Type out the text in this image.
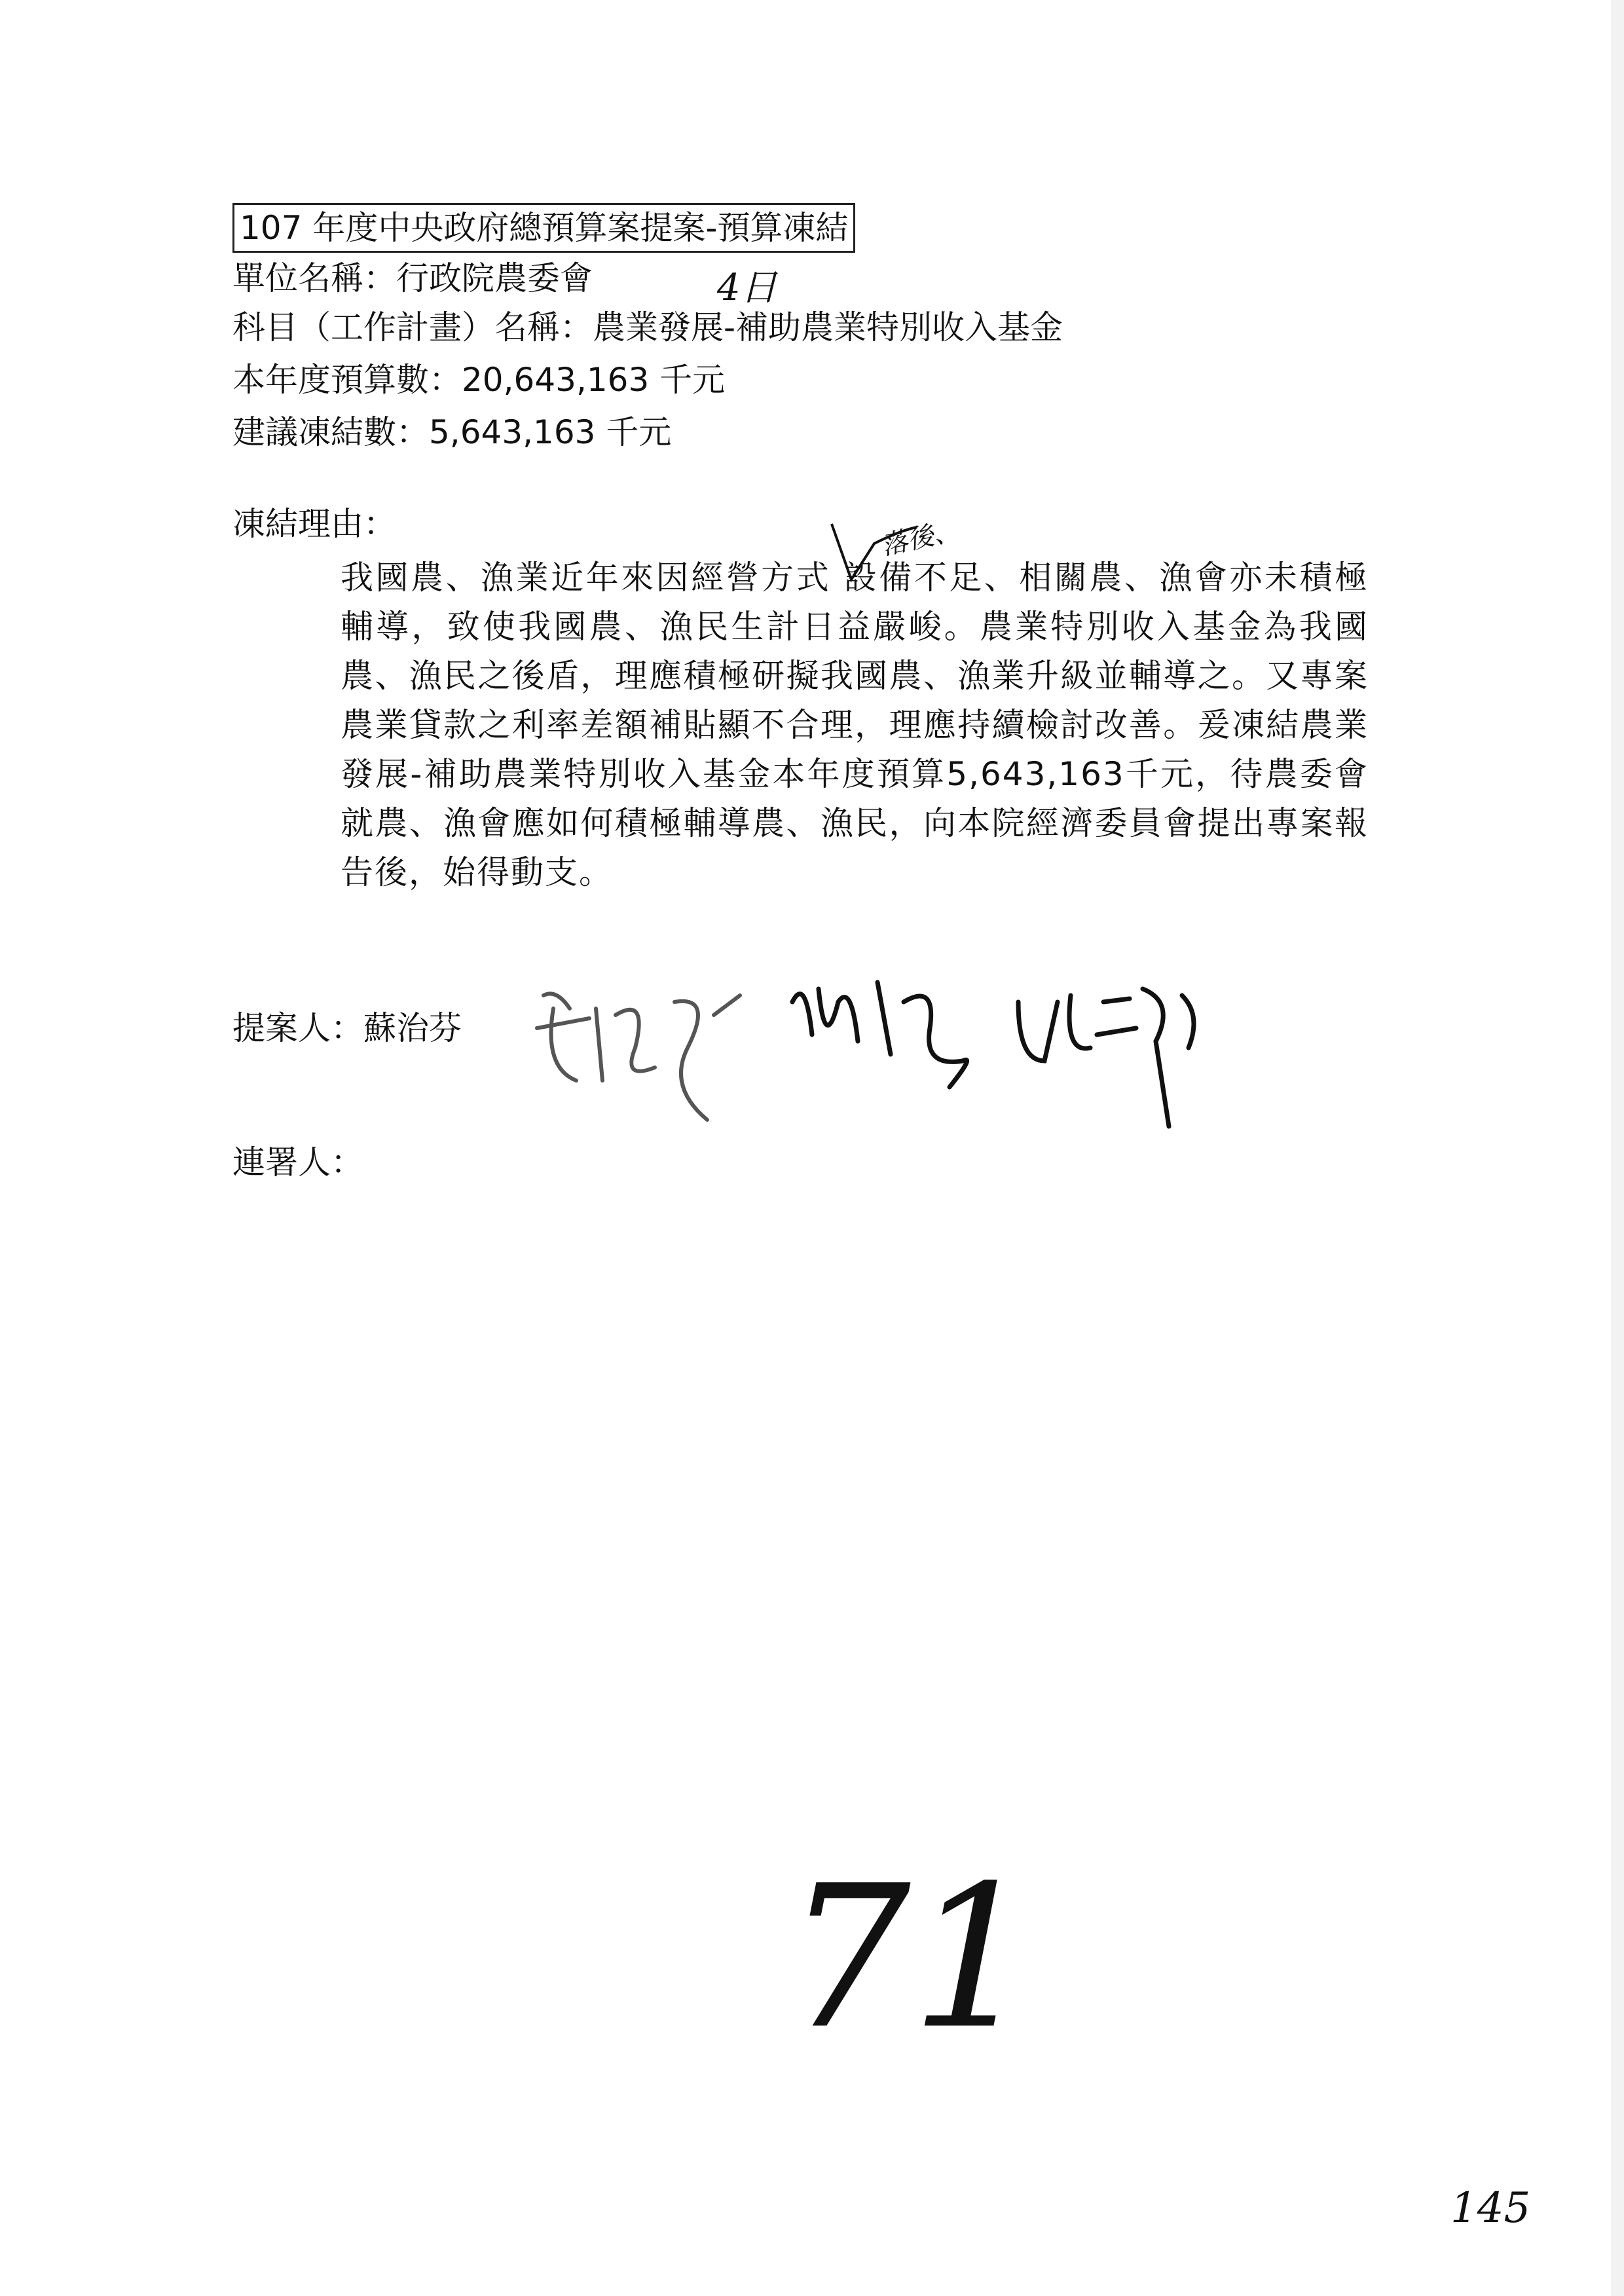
107 年度中央政府總預算案提案-預算凍結
單位名稱：行政院農委會
科目（工作計畫）名稱：農業發展-補助農業特別收入基金
本年度預算數：20,643,163 千元
建議凍結數：5,643,163 千元
凍結理由：
我國農、漁業近年來因經營方式 設備不足、相關農、漁會亦未積極輔導，致使我國農、漁民生計日益嚴峻。農業特別收入基金為我國農、漁民之後盾，理應積極研擬我國農、漁業升級並輔導之。又專案農業貸款之利率差額補貼顯不合理，理應持續檢討改善。爰凍結農業發展-補助農業特別收入基金本年度預算5,643,163千元，待農委會就農、漁會應如何積極輔導農、漁民，向本院經濟委員會提出專案報告後，始得動支。
提案人：蘇治芬
連署人：
4日
落後、
71
145
